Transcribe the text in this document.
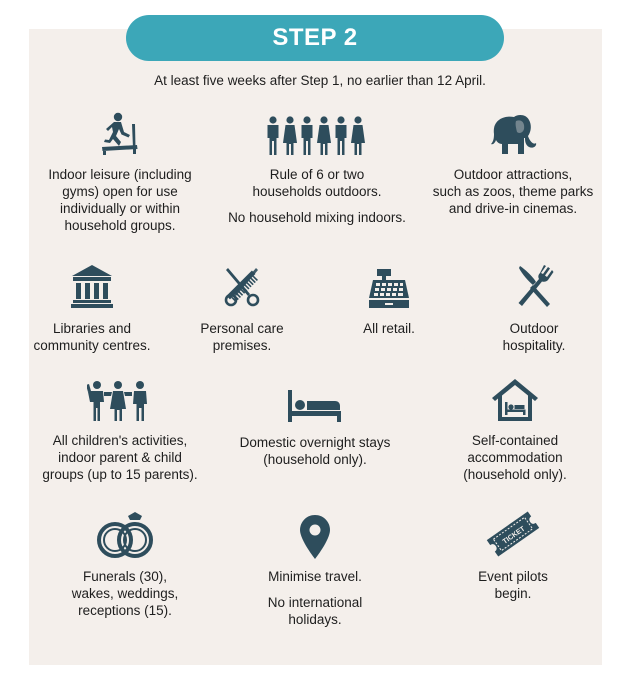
STEP 2
At least five weeks after Step 1, no earlier than 12 April.
Indoor leisure (including
gyms) open for use
individually or within
household groups.
Rule of 6 or two
households outdoors.
No household mixing indoors.
Outdoor attractions,
such as zoos, theme parks
and drive-in cinemas.
Libraries and
community centres.
Personal care
premises.
All retail.	Outdoor
hospitality.
All children's activities,
indoor parent & child
groups (up to 15 parents).
Domestic overnight stays
(household only).
Self-contained
accommodation
(household only).
Funerals (30),
wakes, weddings,
receptions (15).
Minimise travel.
No international
holidays.
TICKET
Event pilots
begin.
